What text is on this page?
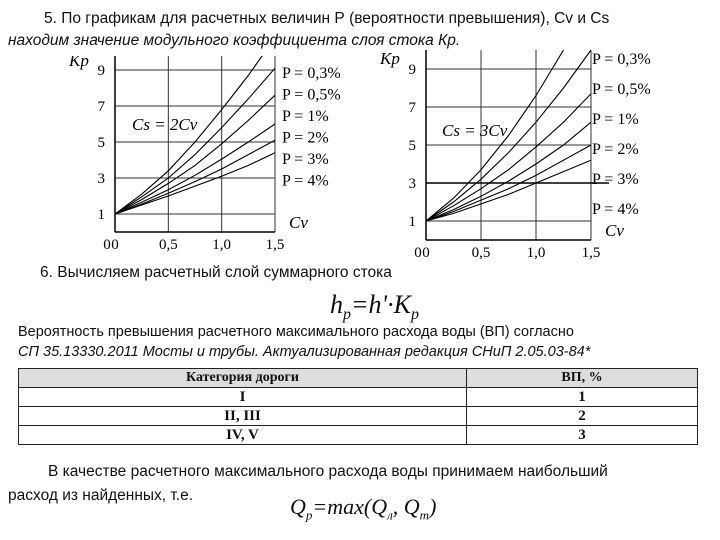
5. По графикам для расчетных величин Р (вероятности превышения), Cv и Cs
находим значение модульного коэффициента слоя стока Кр.
0	0,5 1,0 1,5
1
3
5
7
9
Kp
Cv
0
Cs = 2Cv
P = 0,3%
P = 0,5%
P = 1%
P = 2%
P = 3%
P = 4%
0	0,5 1,0 1,5
1
3
5
7
9
Kp
Cv
0
Cs = 3Cv
P = 0,3%
P = 0,5%
P = 1%
P = 2%
P = 3%
P = 4%
6. Вычисляем расчетный слой суммарного стока
$h_p=h'\cdot K_p$
Вероятность превышения расчетного максимального расхода воды (ВП) согласно
СП 35.13330.2011 Мосты и трубы. Актуализированная редакция СНиП 2.05.03-84*
Категория дороги	ВП, %
I	1
II, III	2
IV, V	3
В качестве расчетного максимального расхода воды принимаем наибольший
расход из найденных, т.е.	$Q_р=\max(Q_л$, $Q_т$)
